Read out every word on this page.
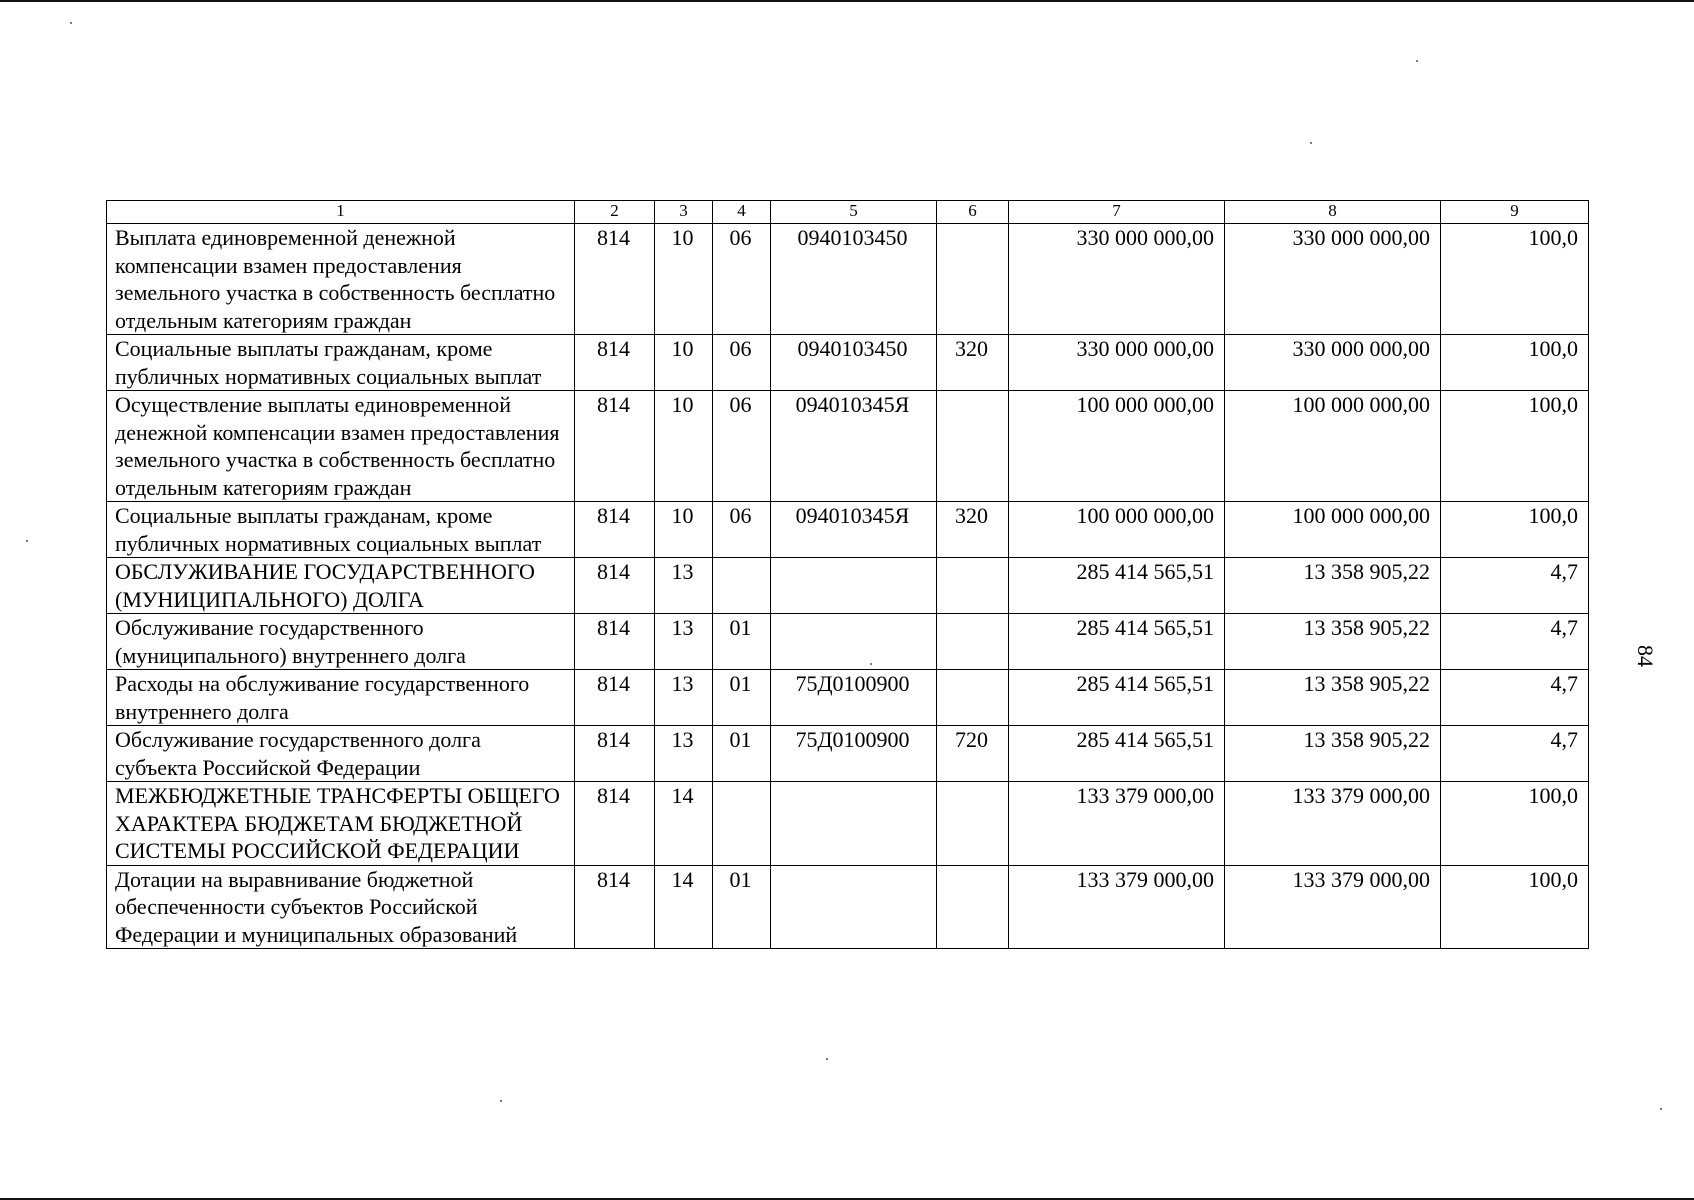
1	2	3	4	5	6	7	8	9
Выплата единовременной денежной компенсации взамен предоставления земельного участка в собственность бесплатно отдельным категориям граждан	814	10	06	0940103450		330 000 000,00	330 000 000,00	100,0
Социальные выплаты гражданам, кроме публичных нормативных социальных выплат	814	10	06	0940103450	320	330 000 000,00	330 000 000,00	100,0
Осуществление выплаты единовременной денежной компенсации взамен предоставления земельного участка в собственность бесплатно отдельным категориям граждан	814	10	06	094010345Я		100 000 000,00	100 000 000,00	100,0
Социальные выплаты гражданам, кроме публичных нормативных социальных выплат	814	10	06	094010345Я	320	100 000 000,00	100 000 000,00	100,0
ОБСЛУЖИВАНИЕ ГОСУДАРСТВЕННОГО (МУНИЦИПАЛЬНОГО) ДОЛГА	814	13				285 414 565,51	13 358 905,22	4,7
Обслуживание государственного (муниципального) внутреннего долга	814	13	01			285 414 565,51	13 358 905,22	4,7
Расходы на обслуживание государственного внутреннего долга	814	13	01	75Д0100900		285 414 565,51	13 358 905,22	4,7
Обслуживание государственного долга субъекта Российской Федерации	814	13	01	75Д0100900	720	285 414 565,51	13 358 905,22	4,7
МЕЖБЮДЖЕТНЫЕ ТРАНСФЕРТЫ ОБЩЕГО ХАРАКТЕРА БЮДЖЕТАМ БЮДЖЕТНОЙ СИСТЕМЫ РОССИЙСКОЙ ФЕДЕРАЦИИ	814	14				133 379 000,00	133 379 000,00	100,0
Дотации на выравнивание бюджетной обеспеченности субъектов Российской Федерации и муниципальных образований	814	14	01			133 379 000,00	133 379 000,00	100,0
84
